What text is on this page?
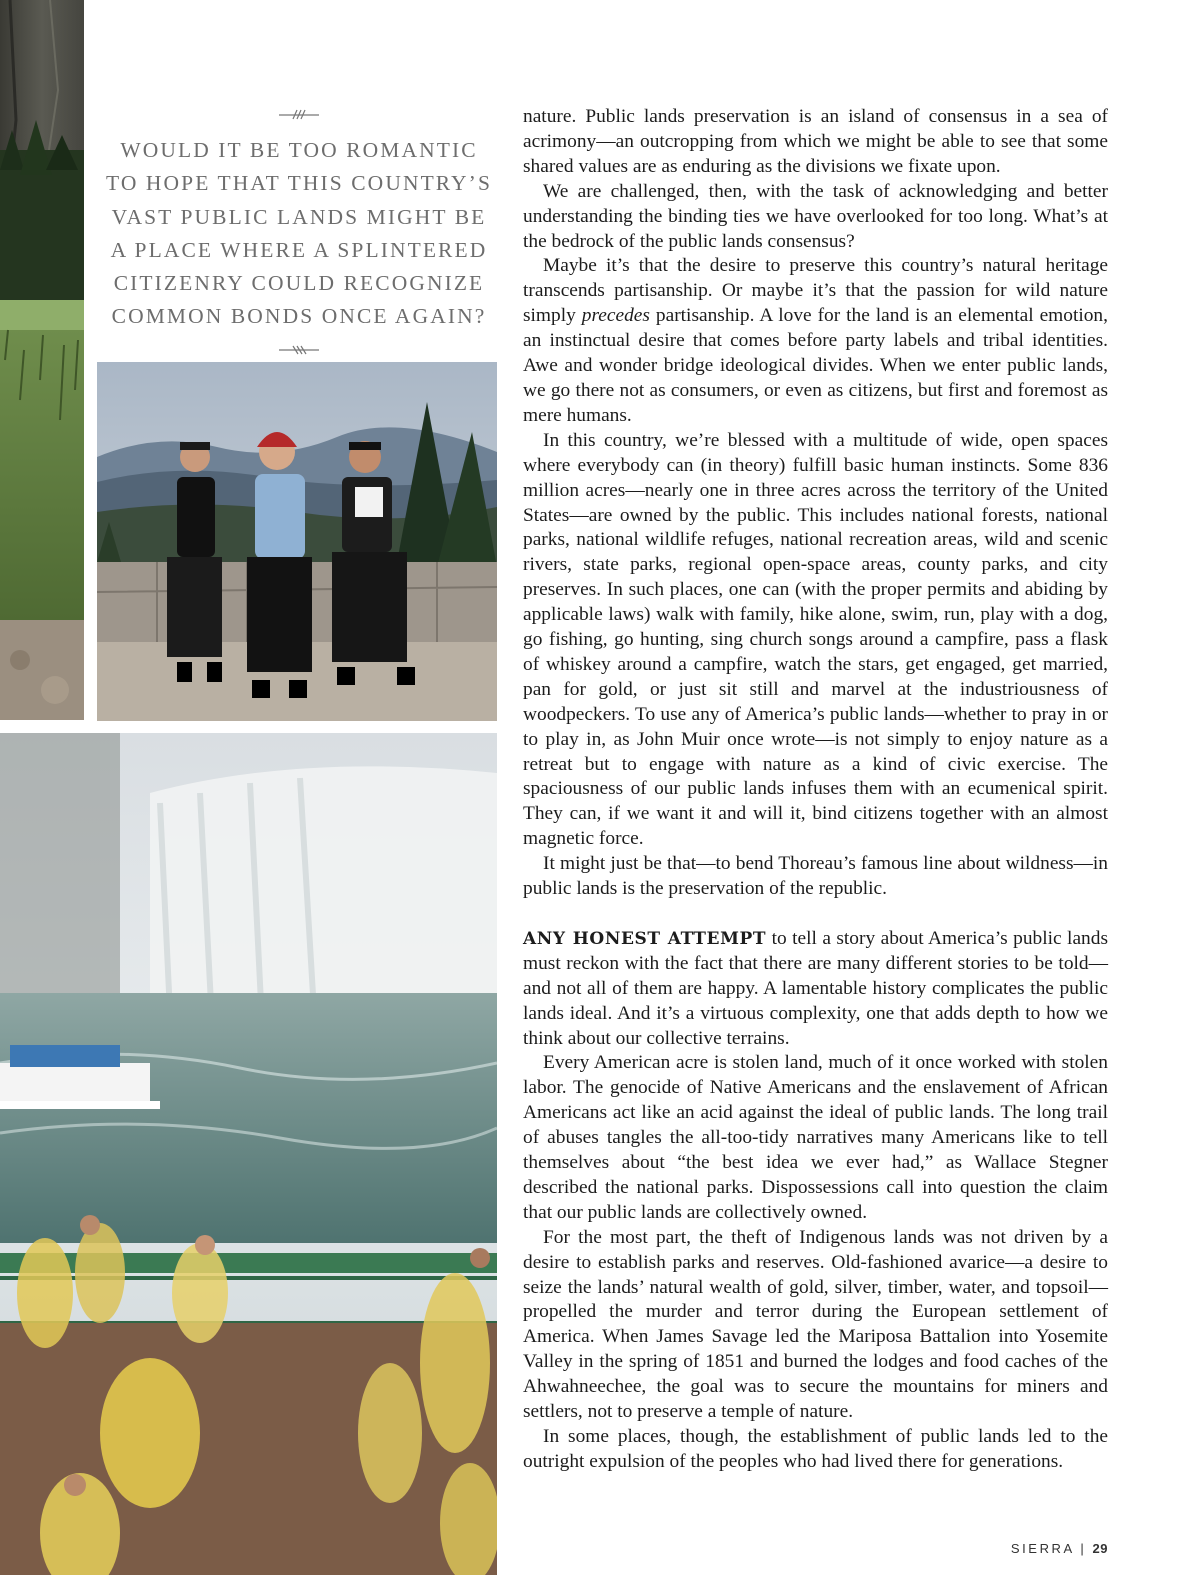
WOULD IT BE TOO ROMANTIC
TO HOPE THAT THIS COUNTRY’S
VAST PUBLIC LANDS MIGHT BE
A PLACE WHERE A SPLINTERED
CITIZENRY COULD RECOGNIZE
COMMON BONDS ONCE AGAIN?

nature. Public lands preservation is an island of consensus in a sea of acrimony—an outcropping from which we might be able to see that some shared values are as enduring as the divisions we fixate upon.

We are challenged, then, with the task of acknowledging and better understanding the binding ties we have overlooked for too long. What’s at the bedrock of the public lands consensus?

Maybe it’s that the desire to preserve this country’s natural heritage transcends partisanship. Or maybe it’s that the passion for wild nature simply precedes partisanship. A love for the land is an elemental emotion, an instinctual desire that comes before party labels and tribal identities. Awe and wonder bridge ideological divides. When we enter public lands, we go there not as consumers, or even as citizens, but first and foremost as mere humans.

In this country, we’re blessed with a multitude of wide, open spaces where everybody can (in theory) fulfill basic human instincts. Some 836 million acres—nearly one in three acres across the territory of the United States—are owned by the public. This includes national forests, national parks, national wildlife refuges, national recreation areas, wild and scenic rivers, state parks, regional open-space areas, county parks, and city preserves. In such places, one can (with the proper permits and abiding by applicable laws) walk with family, hike alone, swim, run, play with a dog, go fishing, go hunting, sing church songs around a campfire, pass a flask of whiskey around a campfire, watch the stars, get engaged, get married, pan for gold, or just sit still and marvel at the industriousness of woodpeckers. To use any of America’s public lands—whether to pray in or to play in, as John Muir once wrote—is not simply to enjoy nature as a retreat but to engage with nature as a kind of civic exercise. The spaciousness of our public lands infuses them with an ecumenical spirit. They can, if we want it and will it, bind citizens together with an almost magnetic force.

It might just be that—to bend Thoreau’s famous line about wildness—in public lands is the preservation of the republic.

ANY HONEST ATTEMPT to tell a story about America’s public lands must reckon with the fact that there are many different stories to be told—and not all of them are happy. A lamentable history complicates the public lands ideal. And it’s a virtuous complexity, one that adds depth to how we think about our collective terrains.

Every American acre is stolen land, much of it once worked with stolen labor. The genocide of Native Americans and the enslavement of African Americans act like an acid against the ideal of public lands. The long trail of abuses tangles the all-too-tidy narratives many Americans like to tell themselves about “the best idea we ever had,” as Wallace Stegner described the national parks. Dispossessions call into question the claim that our public lands are collectively owned.

For the most part, the theft of Indigenous lands was not driven by a desire to establish parks and reserves. Old-fashioned avarice—a desire to seize the lands’ natural wealth of gold, silver, timber, water, and topsoil—propelled the murder and terror during the European settlement of America. When James Savage led the Mariposa Battalion into Yosemite Valley in the spring of 1851 and burned the lodges and food caches of the Ahwahneechee, the goal was to secure the mountains for miners and settlers, not to preserve a temple of nature.

In some places, though, the establishment of public lands led to the outright expulsion of the peoples who had lived there for generations.

SIERRA | 29
